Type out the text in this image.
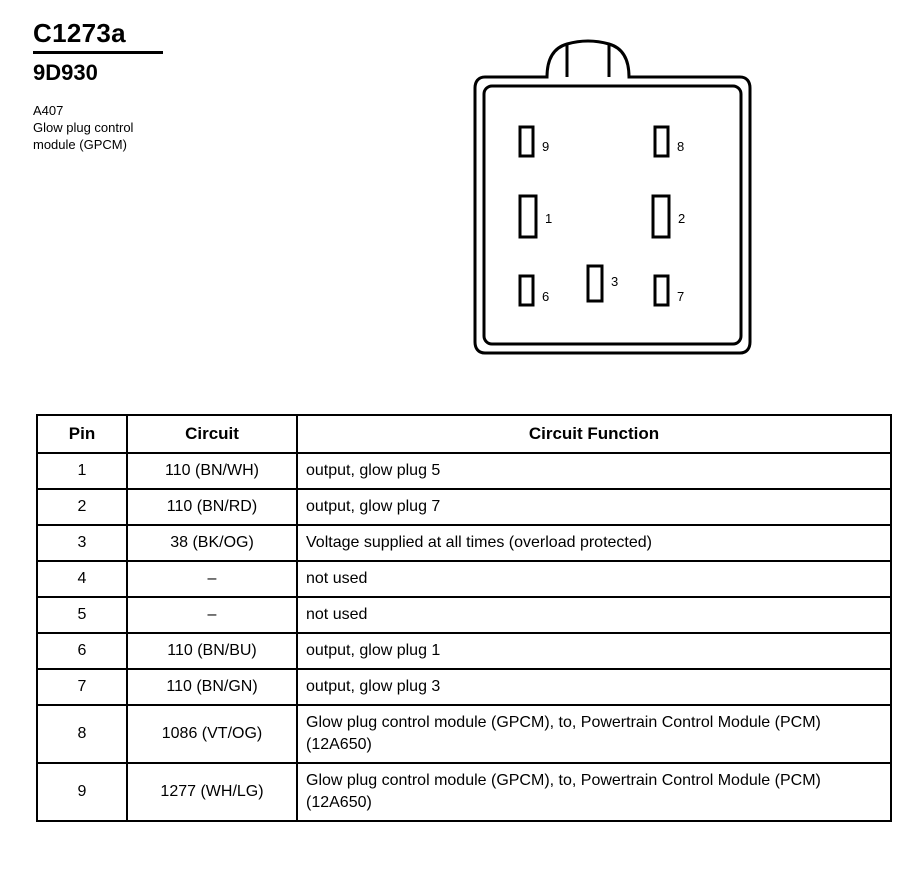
C1273a
9D930
A407
Glow plug control
module (GPCM)	9	8
1	2
6
3
7
Pin	Circuit	Circuit Function
1	110 (BN/WH)	output, glow plug 5
2	110 (BN/RD)	output, glow plug 7
3	38 (BK/OG)	Voltage supplied at all times (overload protected)
4	–	not used
5	–	not used
6	110 (BN/BU)	output, glow plug 1
7	110 (BN/GN)	output, glow plug 3
8	1086 (VT/OG)	Glow plug control module (GPCM), to, Powertrain Control Module (PCM) (12A650)
9	1277 (WH/LG)	Glow plug control module (GPCM), to, Powertrain Control Module (PCM) (12A650)
